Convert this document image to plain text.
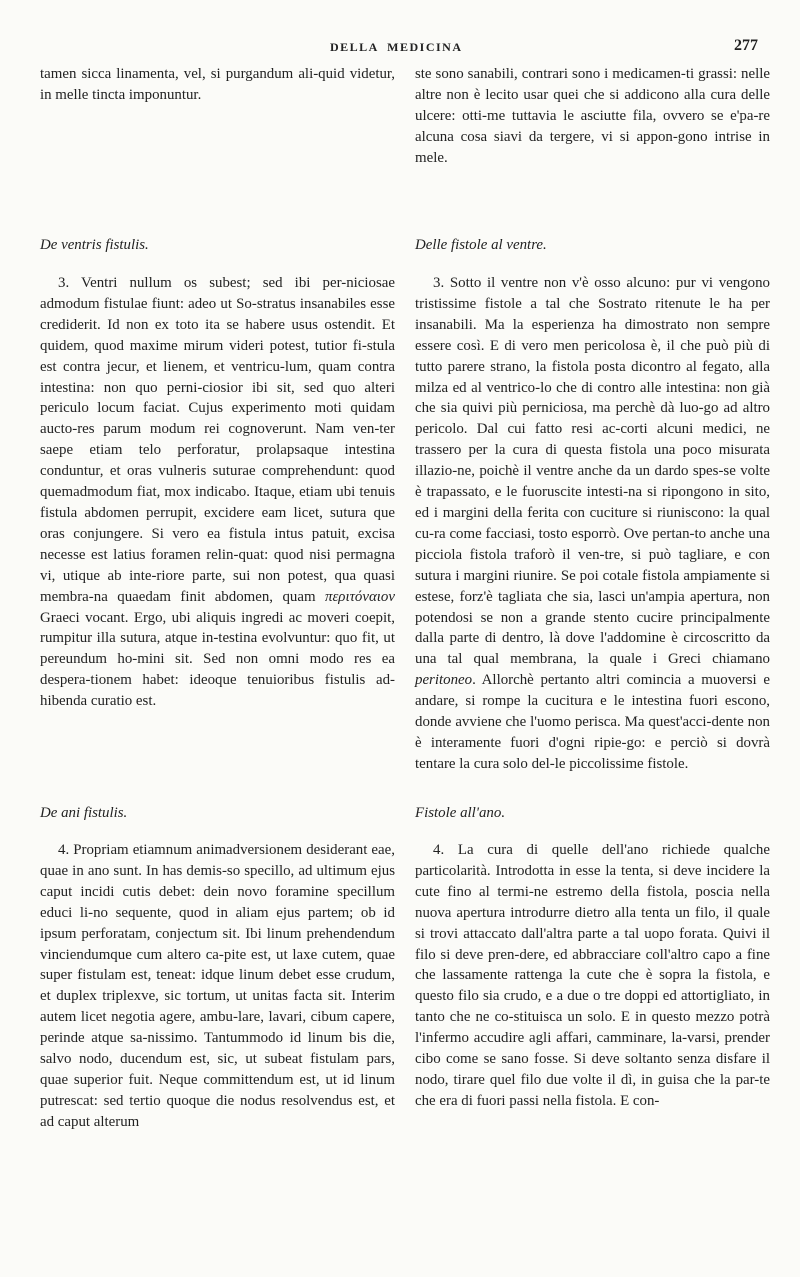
DELLA  MEDICINA	277

tamen sicca linamenta, vel, si purgandum ali-quid videtur, in melle tincta imponuntur.

De ventris fistulis.

3. Ventri nullum os subest; sed ibi per-niciosae admodum fistulae fiunt: adeo ut So-stratus insanabiles esse crediderit. Id non ex toto ita se habere usus ostendit. Et quidem, quod maxime mirum videri potest, tutior fi-stula est contra jecur, et lienem, et ventricu-lum, quam contra intestina: non quo perni-ciosior ibi sit, sed quo alteri periculo locum faciat. Cujus experimento moti quidam aucto-res parum modum rei cognoverunt. Nam ven-ter saepe etiam telo perforatur, prolapsaque intestina conduntur, et oras vulneris suturae comprehendunt: quod quemadmodum fiat, mox indicabo. Itaque, etiam ubi tenuis fistula abdomen perrupit, excidere eam licet, sutura que oras conjungere. Si vero ea fistula intus patuit, excisa necesse est latius foramen relin-quat: quod nisi permagna vi, utique ab inte-riore parte, sui non potest, qua quasi membra-na quaedam finit abdomen, quam περιτόναιον Graeci vocant. Ergo, ubi aliquis ingredi ac moveri coepit, rumpitur illa sutura, atque in-testina evolvuntur: quo fit, ut pereundum ho-mini sit. Sed non omni modo res ea despera-tionem habet: ideoque tenuioribus fistulis ad-hibenda curatio est.

De ani fistulis.

4. Propriam etiamnum animadversionem desiderant eae, quae in ano sunt. In has demis-so specillo, ad ultimum ejus caput incidi cutis debet: dein novo foramine specillum educi li-no sequente, quod in aliam ejus partem; ob id ipsum perforatam, conjectum sit. Ibi linum prehendendum vinciendumque cum altero ca-pite est, ut laxe cutem, quae super fistulam est, teneat: idque linum debet esse crudum, et duplex triplexve, sic tortum, ut unitas facta sit. Interim autem licet negotia agere, ambu-lare, lavari, cibum capere, perinde atque sa-nissimo. Tantummodo id linum bis die, salvo nodo, ducendum est, sic, ut subeat fistulam pars, quae superior fuit. Neque committendum est, ut id linum putrescat: sed tertio quoque die nodus resolvendus est, et ad caput alterum

ste sono sanabili, contrari sono i medicamen-ti grassi: nelle altre non è lecito usar quei che si addicono alla cura delle ulcere: otti-me tuttavia le asciutte fila, ovvero se e'pa-re alcuna cosa siavi da tergere, vi si appon-gono intrise in mele.

Delle fistole al ventre.

3. Sotto il ventre non v'è osso alcuno: pur vi vengono tristissime fistole a tal che Sostrato ritenute le ha per insanabili. Ma la esperienza ha dimostrato non sempre essere così. E di vero men pericolosa è, il che può più di tutto parere strano, la fistola posta dicontro al fegato, alla milza ed al ventrico-lo che di contro alle intestina: non già che sia quivi più perniciosa, ma perchè dà luo-go ad altro pericolo. Dal cui fatto resi ac-corti alcuni medici, ne trassero per la cura di questa fistola una poco misurata illazio-ne, poichè il ventre anche da un dardo spes-se volte è trapassato, e le fuoruscite intesti-na si ripongono in sito, ed i margini della ferita con cuciture si riuniscono: la qual cu-ra come facciasi, tosto esporrò. Ove pertan-to anche una picciola fistola traforò il ven-tre, si può tagliare, e con sutura i margini riunire. Se poi cotale fistola ampiamente si estese, forz'è tagliata che sia, lasci un'ampia apertura, non potendosi se non a grande stento cucire principalmente dalla parte di dentro, là dove l'addomine è circoscritto da una tal qual membrana, la quale i Greci chiamano peritoneo. Allorchè pertanto altri comincia a muoversi e andare, si rompe la cucitura e le intestina fuori escono, donde avviene che l'uomo perisca. Ma quest'acci-dente non è interamente fuori d'ogni ripie-go: e perciò si dovrà tentare la cura solo del-le piccolissime fistole.

Fistole all'ano.

4. La cura di quelle dell'ano richiede qualche particolarità. Introdotta in esse la tenta, si deve incidere la cute fino al termi-ne estremo della fistola, poscia nella nuova apertura introdurre dietro alla tenta un filo, il quale si trovi attaccato dall'altra parte a tal uopo forata. Quivi il filo si deve pren-dere, ed abbracciare coll'altro capo a fine che lassamente rattenga la cute che è sopra la fistola, e questo filo sia crudo, e a due o tre doppi ed attortigliato, in tanto che ne co-stituisca un solo. E in questo mezzo potrà l'infermo accudire agli affari, camminare, la-varsi, prender cibo come se sano fosse. Si deve soltanto senza disfare il nodo, tirare quel filo due volte il dì, in guisa che la par-te che era di fuori passi nella fistola. E con-
